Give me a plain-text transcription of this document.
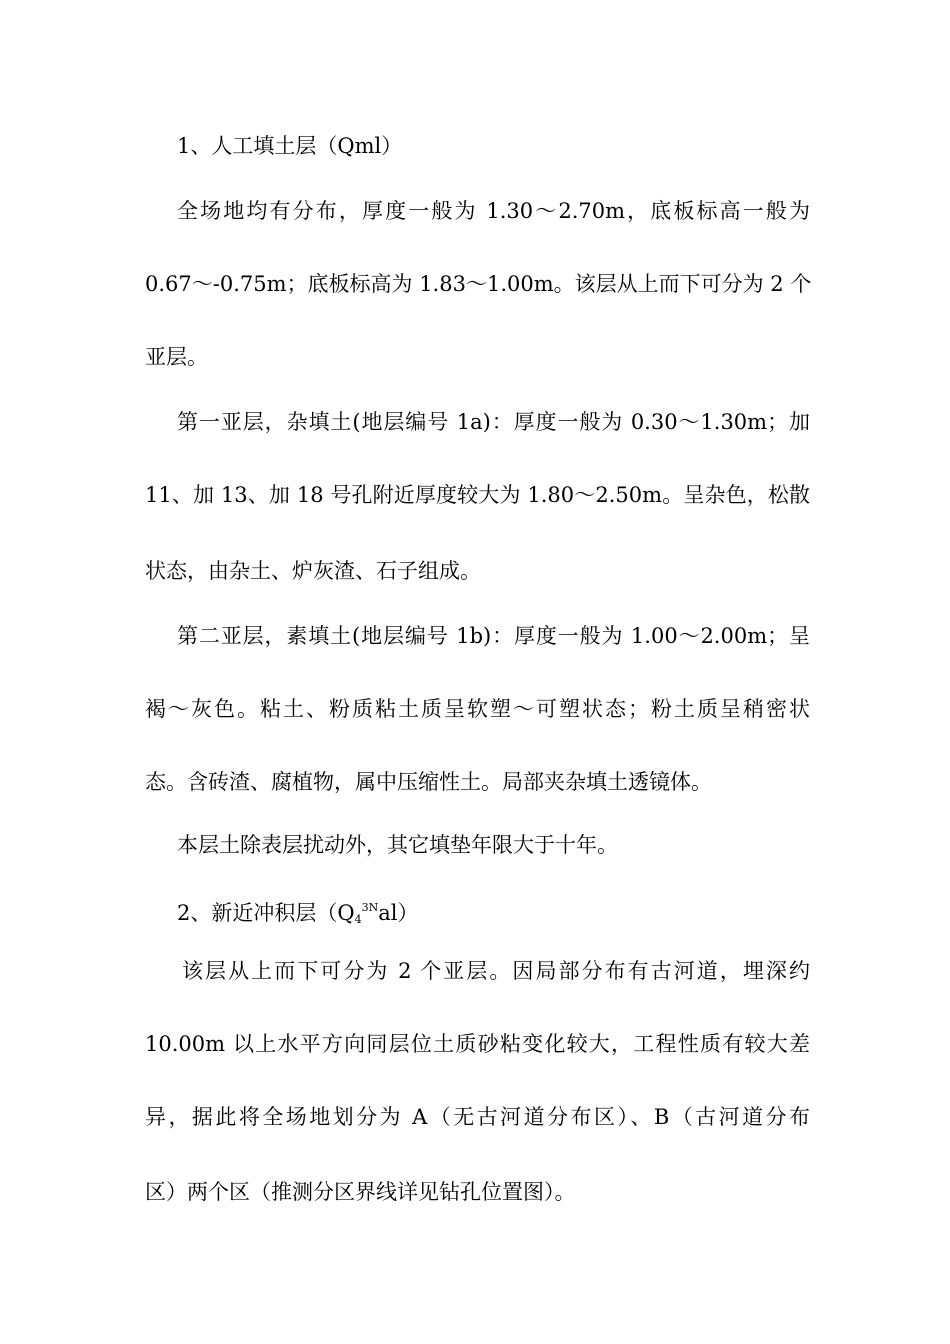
1、人工填土层（Qml）
全场地均有分布，厚度一般为 1.30～2.70m，底板标高一般为
0.67～-0.75m；底板标高为 1.83～1.00m。该层从上而下可分为 2 个
亚层。
第一亚层，杂填土(地层编号 1a)：厚度一般为 0.30～1.30m；加
11、加 13、加 18 号孔附近厚度较大为 1.80～2.50m。呈杂色，松散
状态，由杂土、炉灰渣、石子组成。
第二亚层，素填土(地层编号 1b)：厚度一般为 1.00～2.00m；呈
褐～灰色。粘土、粉质粘土质呈软塑～可塑状态；粉土质呈稍密状
态。含砖渣、腐植物，属中压缩性土。局部夹杂填土透镜体。
本层土除表层扰动外，其它填垫年限大于十年。
2、新近冲积层$(Q_4^{3N}al)$
该层从上而下可分为 2 个亚层。因局部分布有古河道，埋深约
10.00m 以上水平方向同层位土质砂粘变化较大，工程性质有较大差
异，据此将全场地划分为 A（无古河道分布区）、B（古河道分布
区）两个区（推测分区界线详见钻孔位置图）。
